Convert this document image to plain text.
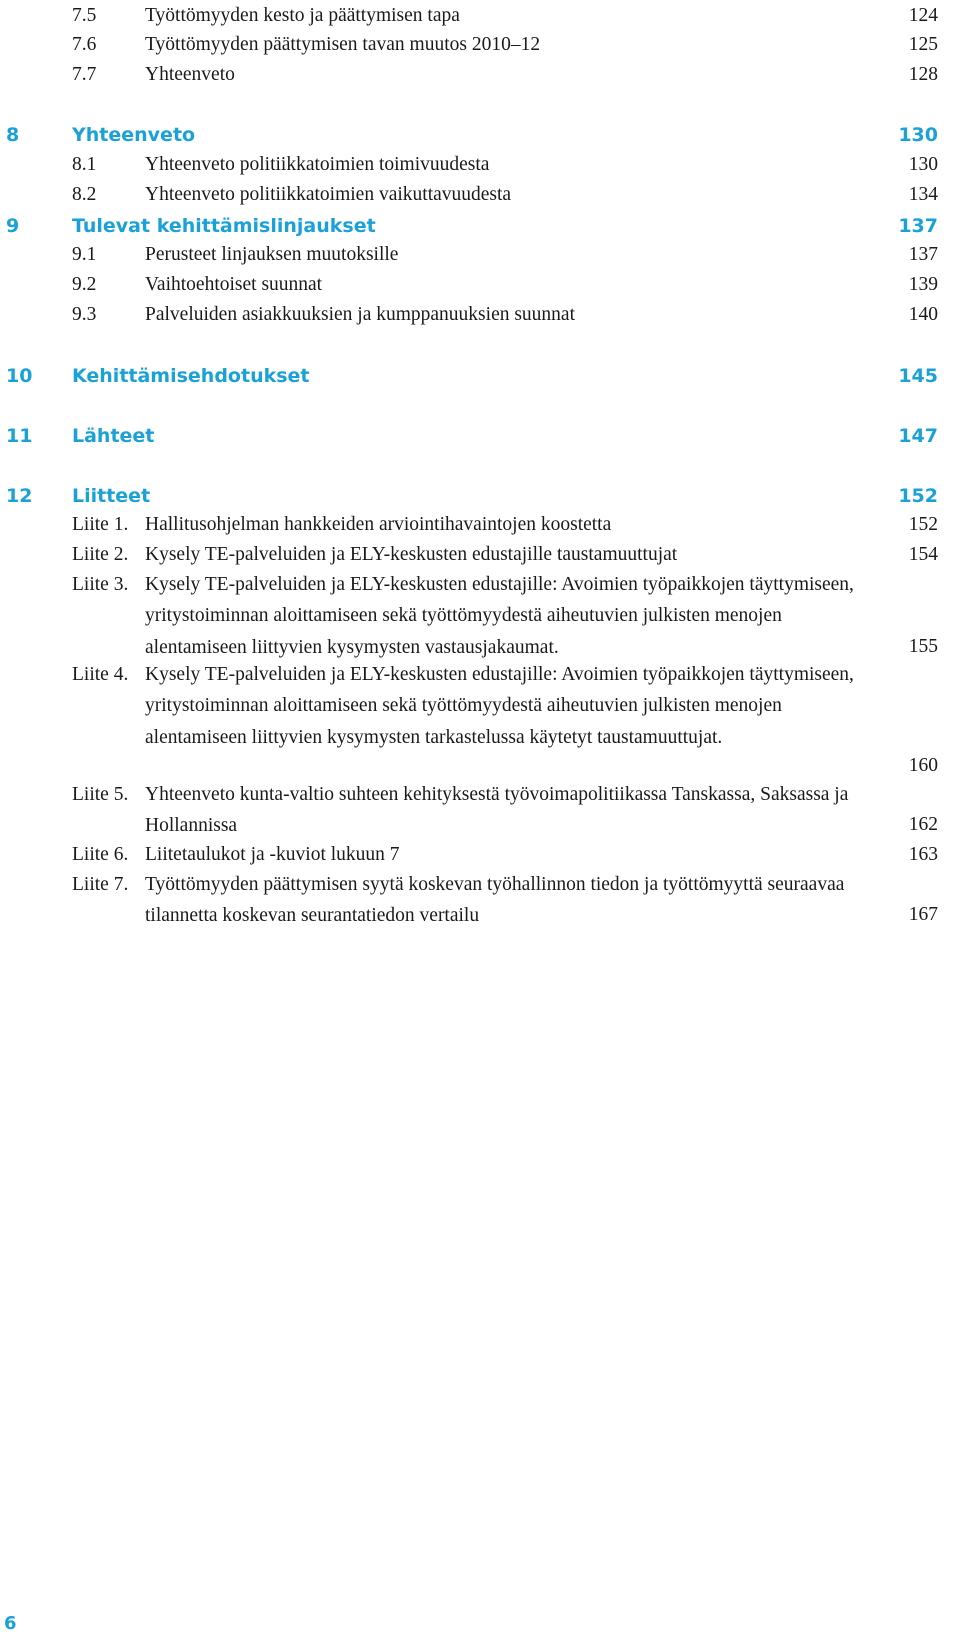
7.5 Työttömyyden kesto ja päättymisen tapa	124
7.6 Työttömyyden päättymisen tavan muutos 2010–12	125
7.7 Yhteenveto	128
8	Yhteenveto	130
8.1 Yhteenveto politiikkatoimien toimivuudesta	130
8.2 Yhteenveto politiikkatoimien vaikuttavuudesta	134
9	Tulevat kehittämislinjaukset	137
9.1 Perusteet linjauksen muutoksille	137
9.2 Vaihtoehtoiset suunnat	139
9.3 Palveluiden asiakkuuksien ja kumppanuuksien suunnat	140
10 Kehittämisehdotukset	145
11 Lähteet	147
12 Liitteet	152
Liite 1. Hallitusohjelman hankkeiden arviointihavaintojen koostetta	152
Liite 2. Kysely TE-palveluiden ja ELY-keskusten edustajille taustamuuttujat	154
Liite 3. Kysely TE-palveluiden ja ELY-keskusten edustajille: Avoimien työpaikkojen täyttymiseen, yritystoiminnan aloittamiseen sekä työttömyydestä aiheutuvien julkisten menojen alentamiseen liittyvien kysymysten vastausjakaumat.	155
Liite 4. Kysely TE-palveluiden ja ELY-keskusten edustajille: Avoimien työpaikkojen täyttymiseen, yritystoiminnan aloittamiseen sekä työttömyydestä aiheutuvien julkisten menojen alentamiseen liittyvien kysymysten tarkastelussa käytetyt taustamuuttujat.
160
Liite 5. Yhteenveto kunta-valtio suhteen kehityksestä työvoimapolitiikassa Tanskassa, Saksassa ja Hollannissa	162
Liite 6. Liitetaulukot ja -kuviot lukuun 7	163
Liite 7. Työttömyyden päättymisen syytä koskevan työhallinnon tiedon ja työttömyyttä seuraavaa tilannetta koskevan seurantatiedon vertailu	167
6
